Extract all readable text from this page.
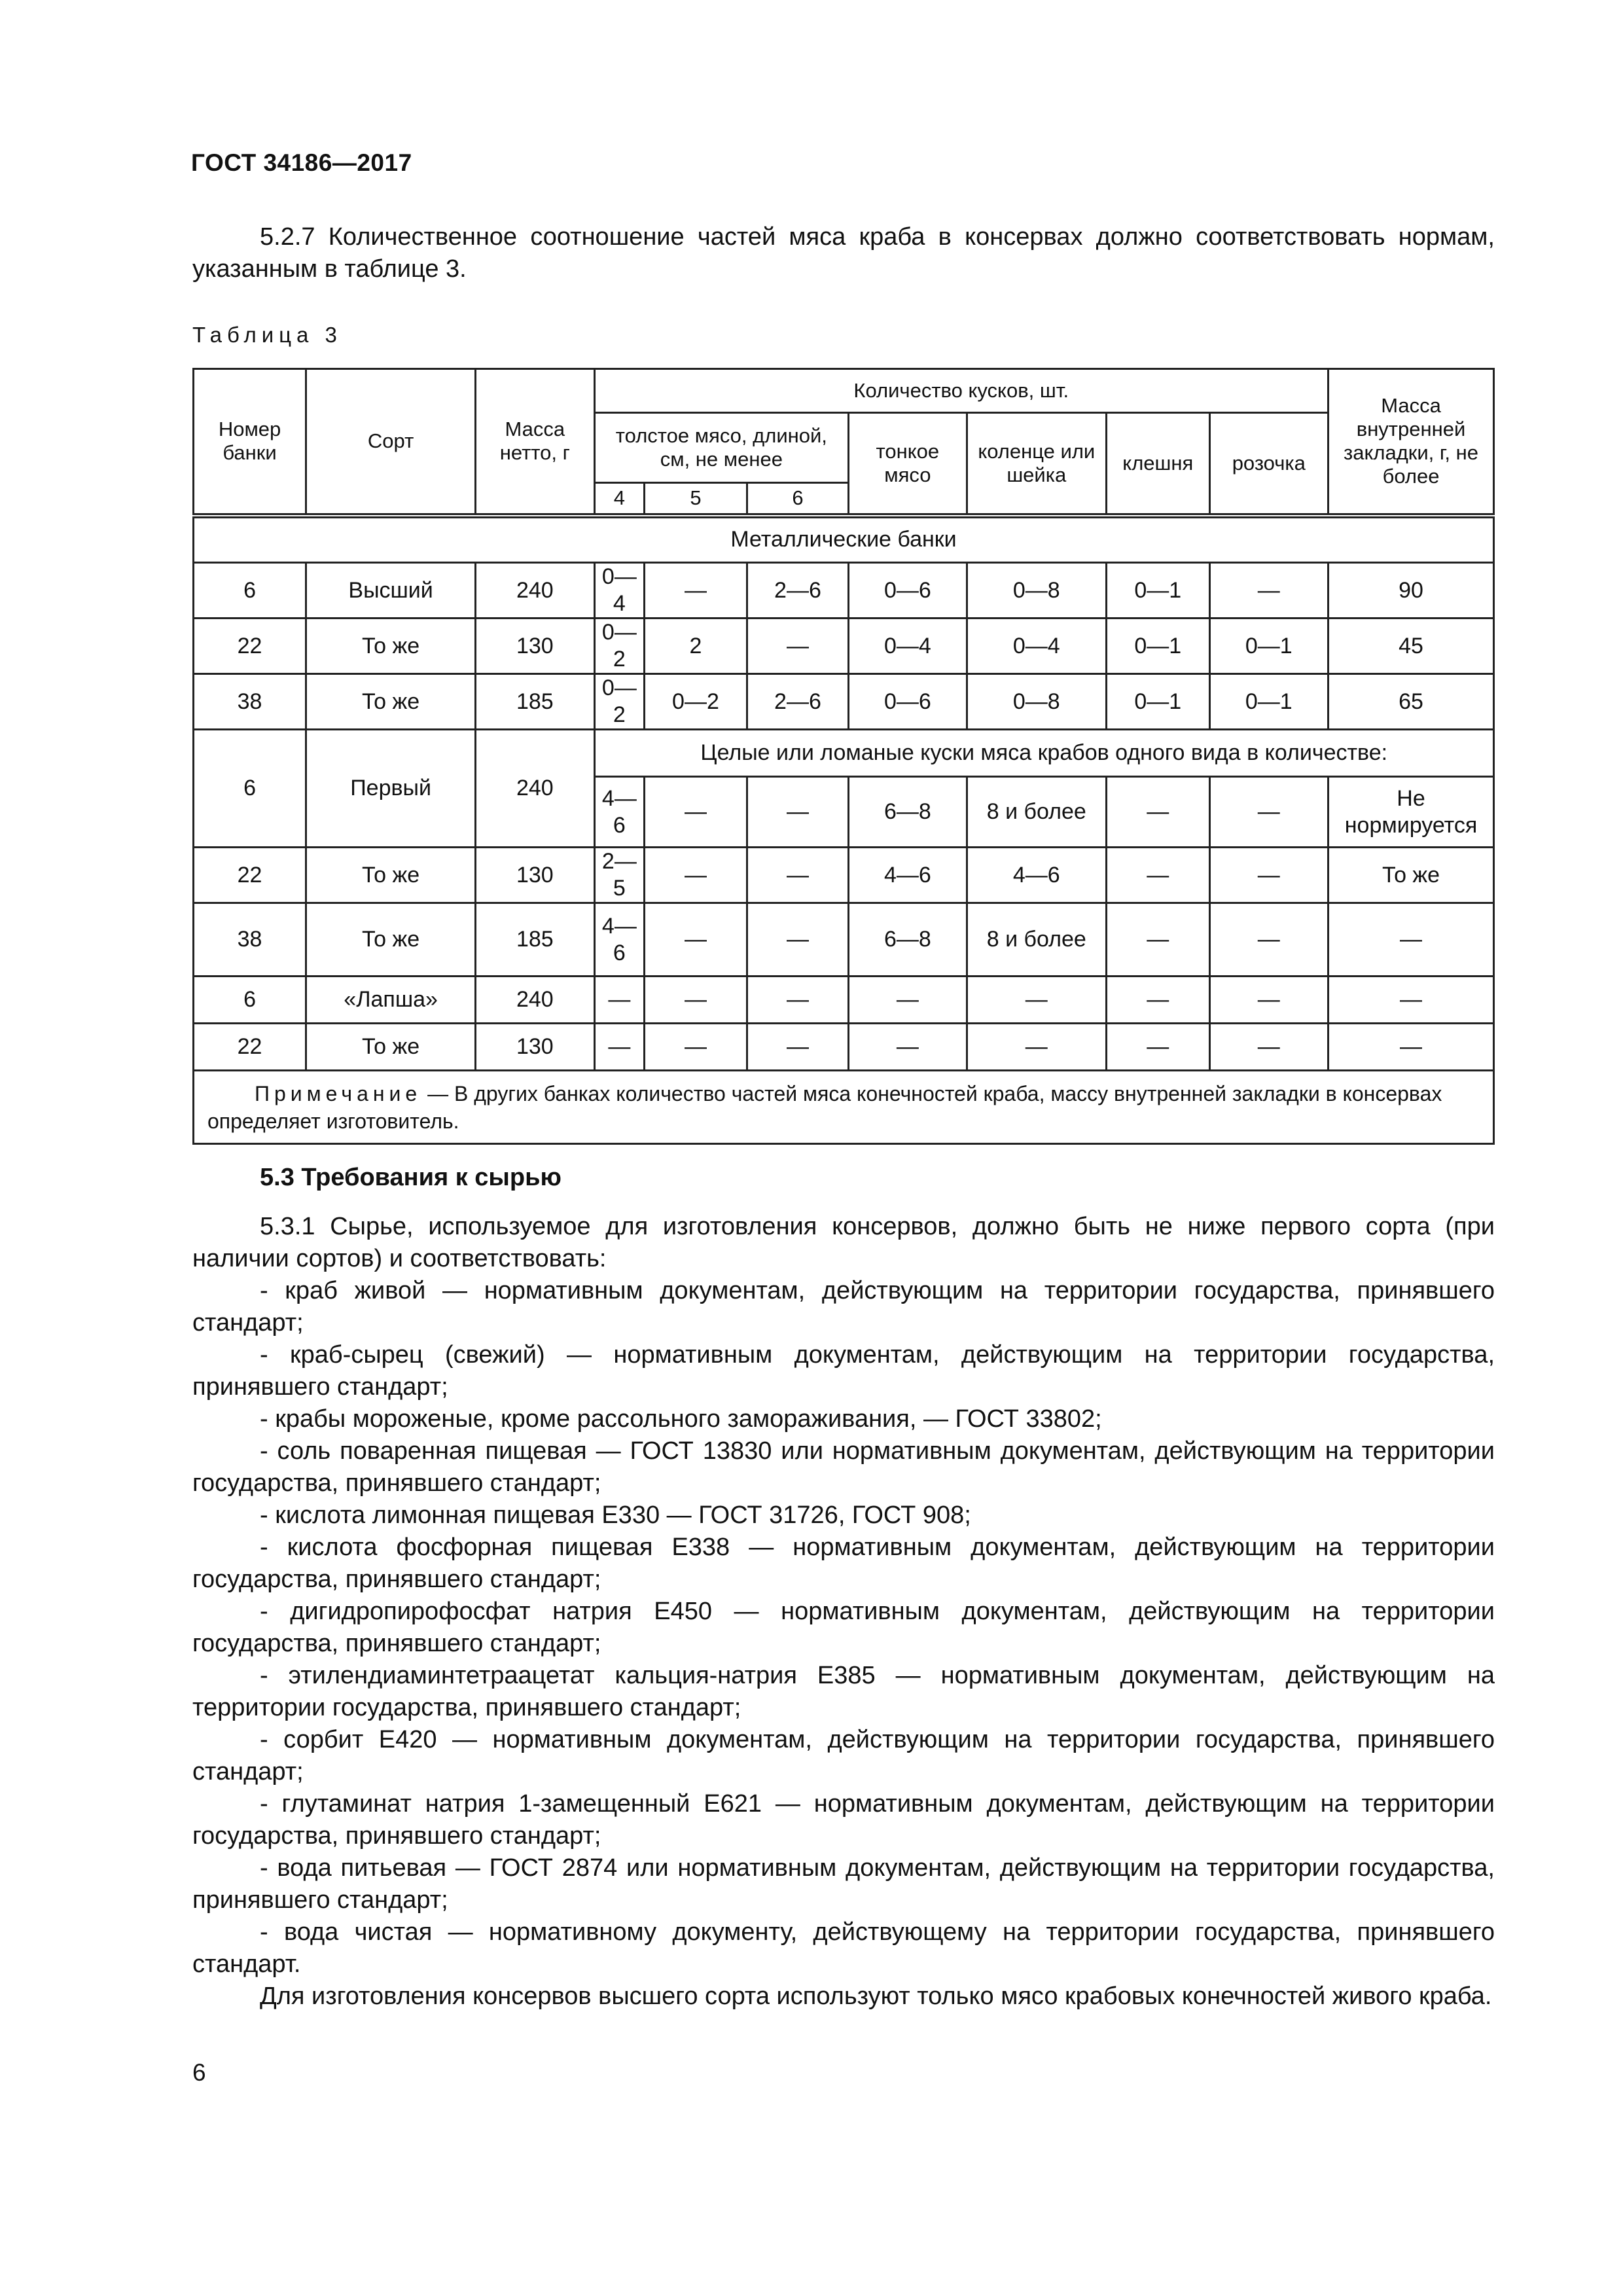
ГОСТ 34186—2017

5.2.7 Количественное соотношение частей мяса краба в консервах должно соответствовать нормам, указанным в таблице 3.

Таблица 3
Номер банки	Сорт	Масса нетто, г	Количество кусков, шт.							Масса внутренней закладки, г, не более
			толстое мясо, длиной, см, не менее			тонкое мясо	коленце или шейка	клешня	розочка	
			4	5	6					
Металлические банки										
6	Высший	240	0—4	—	2—6	0—6	0—8	0—1	—	90
22	То же	130	0—2	2	—	0—4	0—4	0—1	0—1	45
38	То же	185	0—2	0—2	2—6	0—6	0—8	0—1	0—1	65
6	Первый	240	Целые или ломаные куски мяса крабов одного вида в количестве:							
			4—6	—	—	6—8	8 и более	—	—	Не нормируется
22	То же	130	2—5	—	—	4—6	4—6	—	—	То же
38	То же	185	4—6	—	—	6—8	8 и более	—	—	—
6	«Лапша»	240	—	—	—	—	—	—	—	—
22	То же	130	—	—	—	—	—	—	—	—
Примечание — В других банках количество частей мяса конечностей краба, массу внутренней закладки в консервах определяет изготовитель.										
5.3 Требования к сырью

5.3.1 Сырье, используемое для изготовления консервов, должно быть не ниже первого сорта (при наличии сортов) и соответствовать:

- краб живой — нормативным документам, действующим на территории государства, принявшего стандарт;

- краб-сырец (свежий) — нормативным документам, действующим на территории государства, принявшего стандарт;

- крабы мороженые, кроме рассольного замораживания, — ГОСТ 33802;

- соль поваренная пищевая — ГОСТ 13830 или нормативным документам, действующим на территории государства, принявшего стандарт;

- кислота лимонная пищевая Е330 — ГОСТ 31726, ГОСТ 908;

- кислота фосфорная пищевая Е338 — нормативным документам, действующим на территории государства, принявшего стандарт;

- дигидропирофосфат натрия Е450 — нормативным документам, действующим на территории государства, принявшего стандарт;

- этилендиаминтетраацетат кальция-натрия Е385 — нормативным документам, действующим на территории государства, принявшего стандарт;

- сорбит Е420 — нормативным документам, действующим на территории государства, принявшего стандарт;

- глутаминат натрия 1-замещенный Е621 — нормативным документам, действующим на территории государства, принявшего стандарт;

- вода питьевая — ГОСТ 2874 или нормативным документам, действующим на территории государства, принявшего стандарт;

- вода чистая — нормативному документу, действующему на территории государства, принявшего стандарт.

Для изготовления консервов высшего сорта используют только мясо крабовых конечностей живого краба.

6
